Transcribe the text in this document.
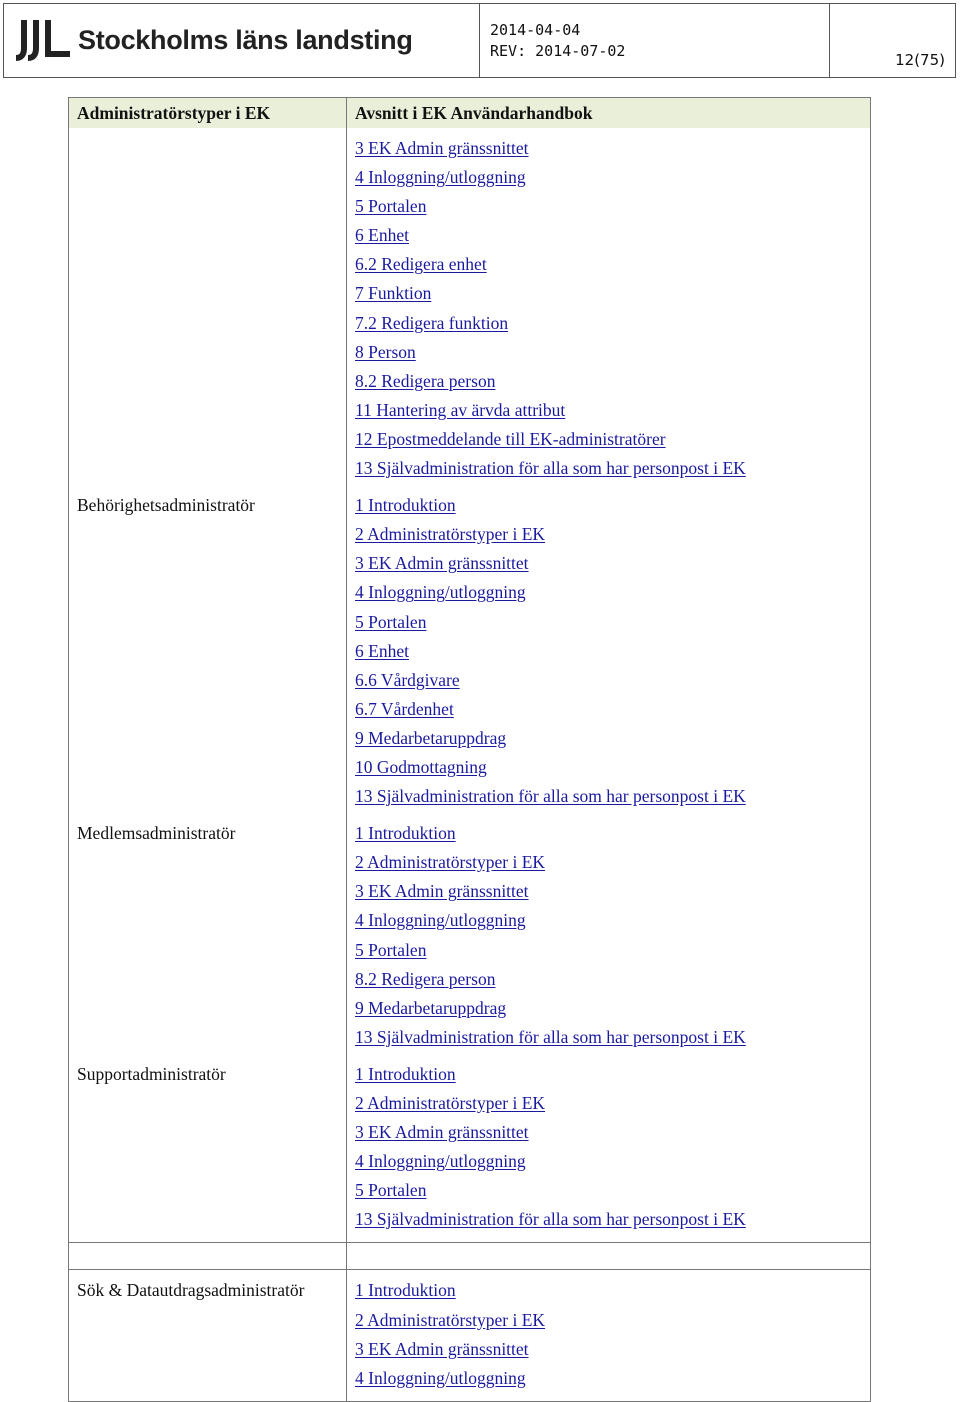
Stockholms läns landsting	2014-04-04
REV: 2014-07-02
12(75)
Administratörstyper i EK	Avsnitt i EK Användarhandbok
3 EK Admin gränssnittet
4 Inloggning/utloggning
5 Portalen
6 Enhet
6.2 Redigera enhet
7 Funktion
7.2 Redigera funktion
8 Person
8.2 Redigera person
11 Hantering av ärvda attribut
12 Epostmeddelande till EK-administratörer
13 Självadministration för alla som har personpost i EK
Behörighetsadministratör	1 Introduktion
2 Administratörstyper i EK
3 EK Admin gränssnittet
4 Inloggning/utloggning
5 Portalen
6 Enhet
6.6 Vårdgivare
6.7 Vårdenhet
9 Medarbetaruppdrag
10 Godmottagning
13 Självadministration för alla som har personpost i EK
Medlemsadministratör	1 Introduktion
2 Administratörstyper i EK
3 EK Admin gränssnittet
4 Inloggning/utloggning
5 Portalen
8.2 Redigera person
9 Medarbetaruppdrag
13 Självadministration för alla som har personpost i EK
Supportadministratör	1 Introduktion
2 Administratörstyper i EK
3 EK Admin gränssnittet
4 Inloggning/utloggning
5 Portalen
13 Självadministration för alla som har personpost i EK
Sök & Datautdragsadministratör	1 Introduktion
2 Administratörstyper i EK
3 EK Admin gränssnittet
4 Inloggning/utloggning
